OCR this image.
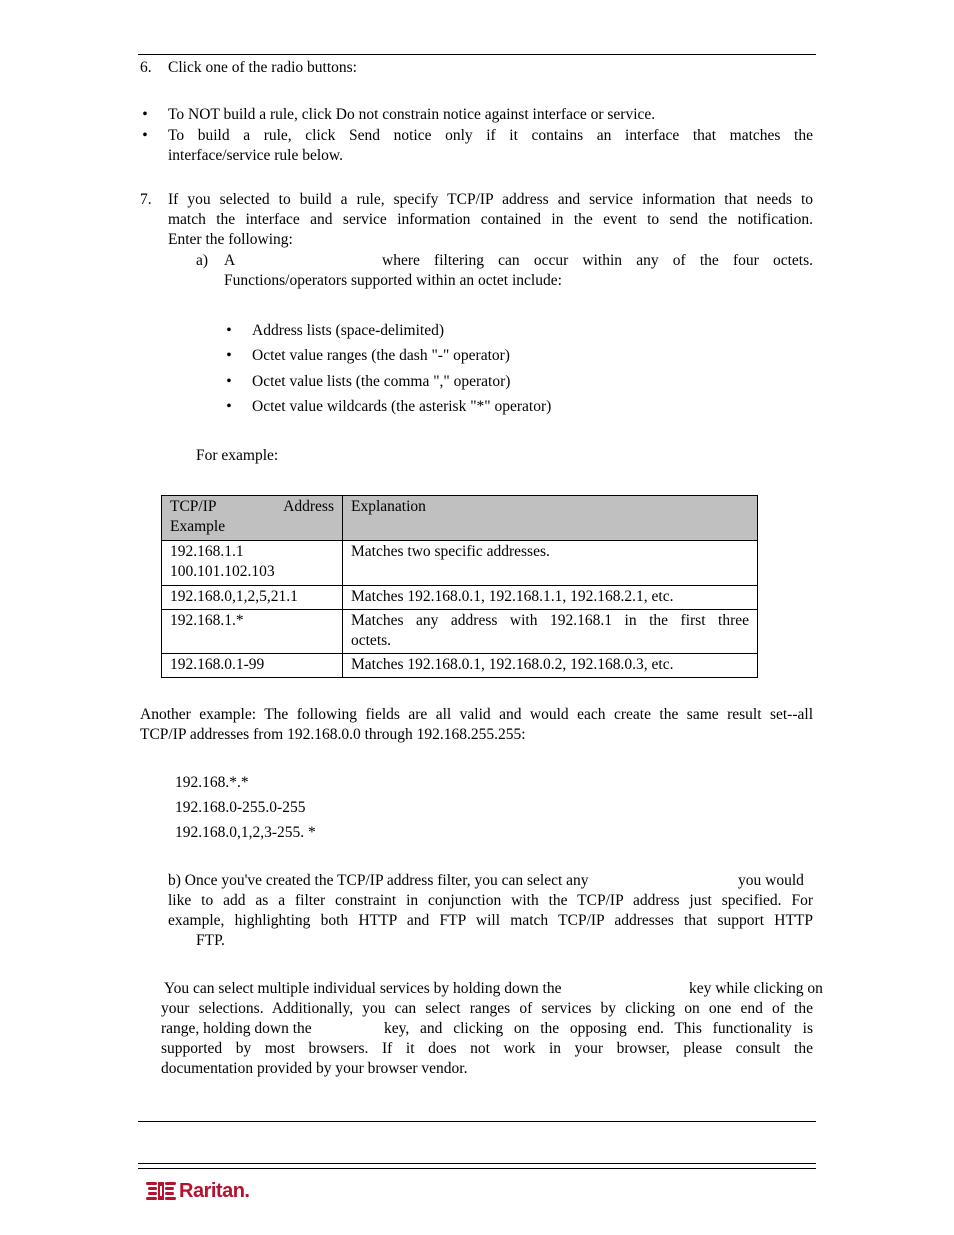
6. Click one of the radio buttons:
•
To NOT build a rule, click Do not constrain notice against interface or service.
•
To build a rule, click Send notice only if it contains an interface that matches the
interface/service rule below.
7. If you selected to build a rule, specify TCP/IP address and service information that needs to
match the interface and service information contained in the event to send the notification.
Enter the following:
a) A	where filtering can occur within any of the four octets.
Functions/operators supported within an octet include:
•
Address lists (space-delimited)
•
Octet value ranges (the dash "-" operator)
•
Octet value lists (the comma "," operator)
•
Octet value wildcards (the asterisk "*" operator)
For example:
TCP/IP Address
Example	Explanation

192.168.1.1
100.101.102.103	Matches two specific addresses.

192.168.0,1,2,5,21.1	Matches 192.168.0.1, 192.168.1.1, 192.168.2.1, etc.
192.168.1.*	Matches any address with 192.168.1 in the first three
octets.

192.168.0.1-99	Matches 192.168.0.1, 192.168.0.2, 192.168.0.3, etc.
Another example: The following fields are all valid and would each create the same result set--all
TCP/IP addresses from 192.168.0.0 through 192.168.255.255:
192.168.*.*
192.168.0-255.0-255
192.168.0,1,2,3-255. *
b) Once you've created the TCP/IP address filter, you can select any	you would
like to add as a filter constraint in conjunction with the TCP/IP address just specified. For
example, highlighting both HTTP and FTP will match TCP/IP addresses that support HTTP
FTP.
You can select multiple individual services by holding down the	key while clicking on
your selections. Additionally, you can select ranges of services by clicking on one end of the
range, holding down the	key, and clicking on the opposing end. This functionality is
supported by most browsers. If it does not work in your browser, please consult the
documentation provided by your browser vendor.
Raritan.
